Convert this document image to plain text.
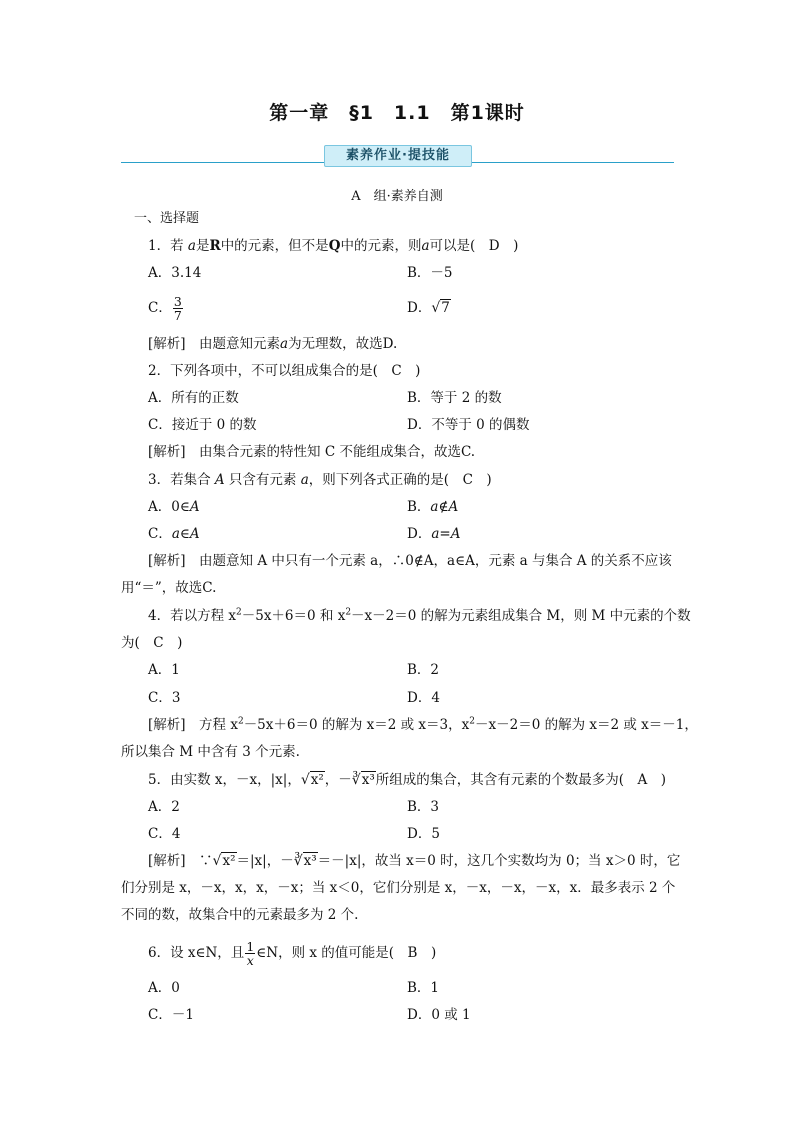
第一章　§1　1.1　第1课时
素养作业·提技能
A　组·素养自测
一、选择题
1．若 a是R中的元素，但不是Q中的元素，则a可以是(　D　)
A．3.14	B．－5
C． $\frac{3}{7}$	D．√7
[解析]　由题意知元素a为无理数，故选D.
2．下列各项中，不可以组成集合的是(　C　)
A．所有的正数	B．等于 2 的数
C．接近于 0 的数	D．不等于 0 的偶数
[解析]　由集合元素的特性知 C 不能组成集合，故选C.
3．若集合 A 只含有元素 a，则下列各式正确的是(　C　)
A．0∈A	B．a∉A
C．a∈A	D．a=A
[解析]　由题意知 A 中只有一个元素 a，∴0∉A，a∈A，元素 a 与集合 A 的关系不应该
用“＝”，故选C.
4．若以方程 $x^2-5x+6=0$ 和 $x^2-x-2=0$ 的解为元素组成集合 M，则 M 中元素的个数
为(　C　)
A．1	B．2
C．3	D．4
[解析]　方程 $x^2-5x+6=0$ 的解为 x＝2 或 x＝3，$x^2-x-2=0$ 的解为 x＝2 或 x＝－1，
所以集合 M 中含有 3 个元素.
5．由实数 x，－x，|x|，√x²，－∛x³所组成的集合，其含有元素的个数最多为(　A　)
A．2	B．3
C．4	D．5
[解析]　∵√x²＝|x|，－∛x³＝－|x|，故当 x＝0 时，这几个实数均为 0；当 x＞0 时，它
们分别是 x，－x，x，x，－x；当 x＜0，它们分别是 x，－x，－x，－x，x．最多表示 2 个
不同的数，故集合中的元素最多为 2 个.
6．设 x∈N，且 $\frac{1}{x}$ ∈N，则 x 的值可能是(　B　)
A．0	B．1
C．－1	D．0 或 1
